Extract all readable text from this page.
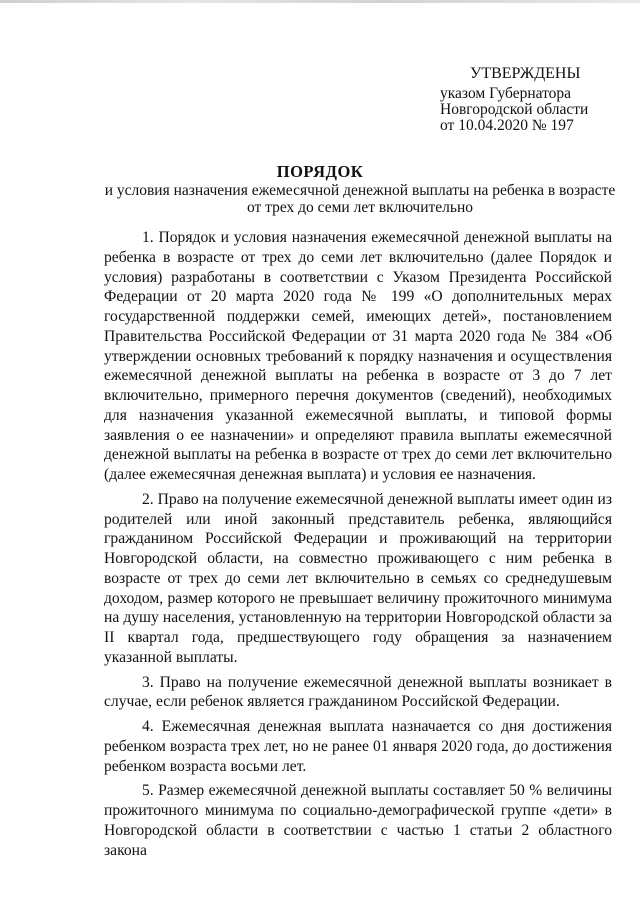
УТВЕРЖДЕНЫ
указом Губернатора
Новгородской области
от 10.04.2020 № 197
ПОРЯДОК
и условия назначения ежемесячной денежной выплаты на ребенка в возрасте
от трех до семи лет включительно

1. Порядок и условия назначения ежемесячной денежной выплаты на ребенка в возрасте от трех до семи лет включительно (далее Порядок и условия) разработаны в соответствии с Указом Президента Российской Федерации от 20 марта 2020 года № 199 «О дополнительных мерах государственной поддержки семей, имеющих детей», постановлением Правительства Российской Федерации от 31 марта 2020 года № 384 «Об утверждении основных требований к порядку назначения и осуществления ежемесячной денежной выплаты на ребенка в возрасте от 3 до 7 лет включительно, примерного перечня документов (сведений), необходимых для назначения указанной ежемесячной выплаты, и типовой формы заявления о ее назначении» и определяют правила выплаты ежемесячной денежной выплаты на ребенка в возрасте от трех до семи лет включительно (далее ежемесячная денежная выплата) и условия ее назначения.

2. Право на получение ежемесячной денежной выплаты имеет один из родителей или иной законный представитель ребенка, являющийся гражданином Российской Федерации и проживающий на территории Новгородской области, на совместно проживающего с ним ребенка в возрасте от трех до семи лет включительно в семьях со среднедушевым доходом, размер которого не превышает величину прожиточного минимума на душу населения, установленную на территории Новгородской области за II квартал года, предшествующего году обращения за назначением указанной выплаты.

3. Право на получение ежемесячной денежной выплаты возникает в случае, если ребенок является гражданином Российской Федерации.

4. Ежемесячная денежная выплата назначается со дня достижения ребенком возраста трех лет, но не ранее 01 января 2020 года, до достижения ребенком возраста восьми лет.

5. Размер ежемесячной денежной выплаты составляет 50 % величины прожиточного минимума по социально-демографической группе «дети» в Новгородской области в соответствии с частью 1 статьи 2 областного закона
